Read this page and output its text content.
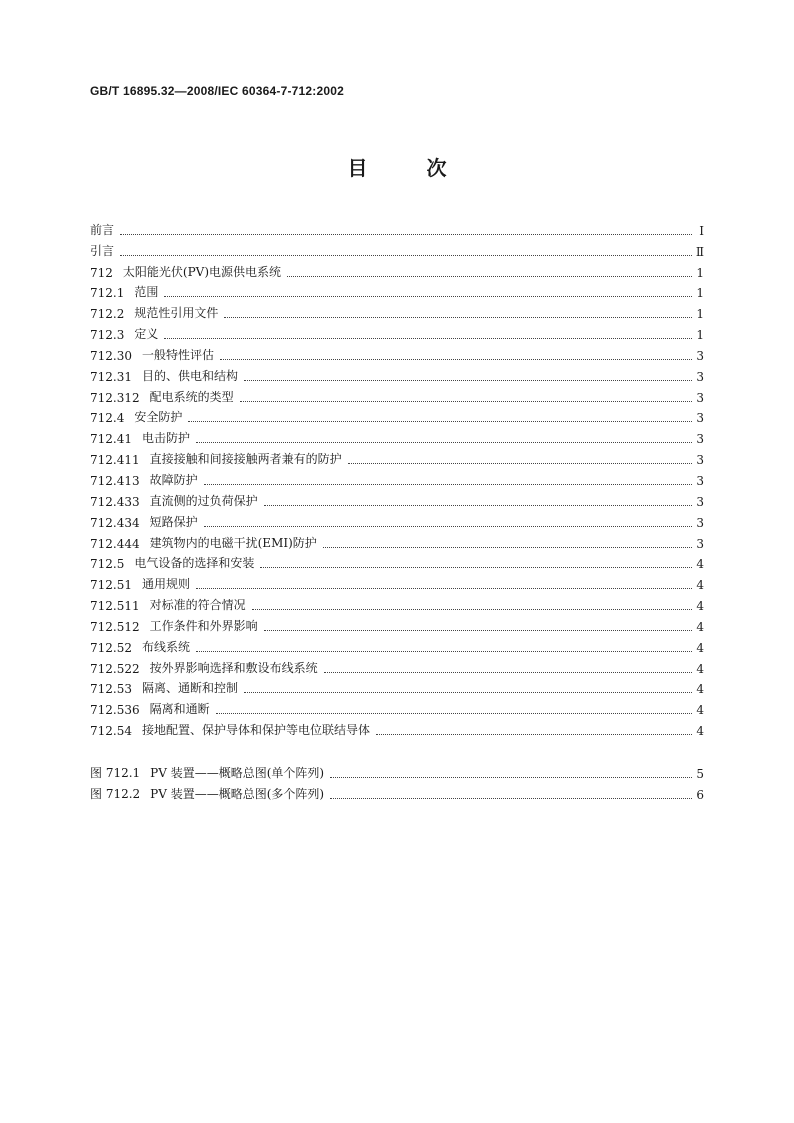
GB/T 16895.32—2008/IEC 60364-7-712:2002
目	次
前言	Ⅰ
引言	Ⅱ
712 太阳能光伏(PV)电源供电系统	1
712.1 范围	1
712.2 规范性引用文件	1
712.3 定义	1
712.30 一般特性评估	3
712.31 目的、供电和结构	3
712.312 配电系统的类型	3
712.4 安全防护	3
712.41 电击防护	3
712.411 直接接触和间接接触两者兼有的防护	3
712.413 故障防护	3
712.433 直流侧的过负荷保护	3
712.434 短路保护	3
712.444 建筑物内的电磁干扰(EMI)防护	3
712.5 电气设备的选择和安装	4
712.51 通用规则	4
712.511 对标准的符合情况	4
712.512 工作条件和外界影响	4
712.52 布线系统	4
712.522 按外界影响选择和敷设布线系统	4
712.53 隔离、通断和控制	4
712.536 隔离和通断	4
712.54 接地配置、保护导体和保护等电位联结导体	4
图 712.1 PV 装置——概略总图(单个阵列)	5
图 712.2 PV 装置——概略总图(多个阵列)	6
